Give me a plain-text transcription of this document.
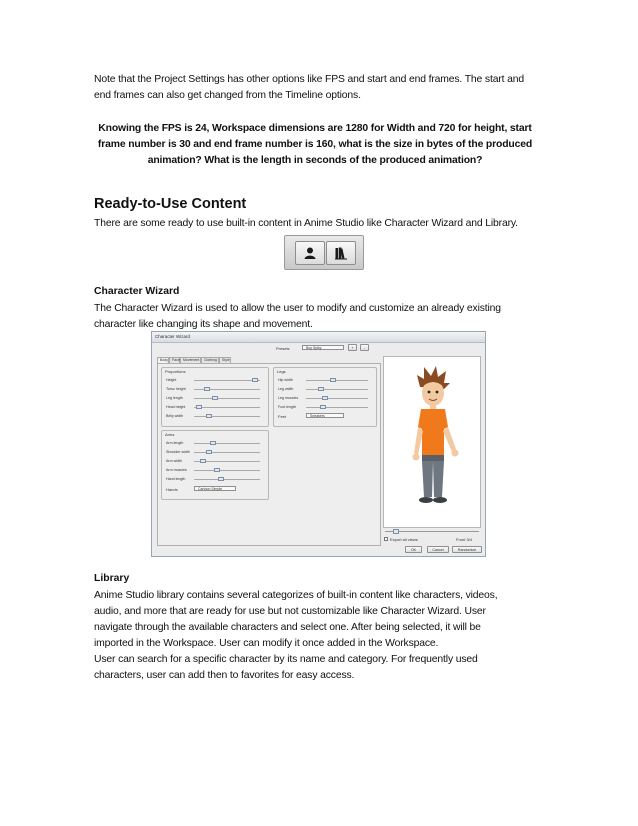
Note that the Project Settings has other options like FPS and start and end frames. The start and
end frames can also get changed from the Timeline options.
Knowing the FPS is 24, Workspace dimensions are 1280 for Width and 720 for height, start
frame number is 30 and end frame number is 160, what is the size in bytes of the produced
animation? What is the length in seconds of the produced animation?
Ready-to-Use Content
There are some ready to use built-in content in Anime Studio like Character Wizard and Library.
Character Wizard
The Character Wizard is used to allow the user to modify and customize an already existing
character like changing its shape and movement.
Character Wizard
Presets	Boy Spiky	+	-
Body	Face Movement	Clothing	Style
Proportions
Height
Torso height
Leg length
Head height
Belly width
Legs
Hip width
Leg width
Leg muscles
Foot length
Feet	Sneakers
Arms
Arm length
Shoulder width
Arm width
Arm muscles
Hand length
Hands	Cartoon Simple
Export all views	Front 3/4
OK	Cancel	Randomize
Library
Anime Studio library contains several categorizes of built-in content like characters, videos,
audio, and more that are ready for use but not customizable like Character Wizard. User
navigate through the available characters and select one. After being selected, it will be
imported in the Workspace. User can modify it once added in the Workspace.
User can search for a specific character by its name and category. For frequently used
characters, user can add then to favorites for easy access.
